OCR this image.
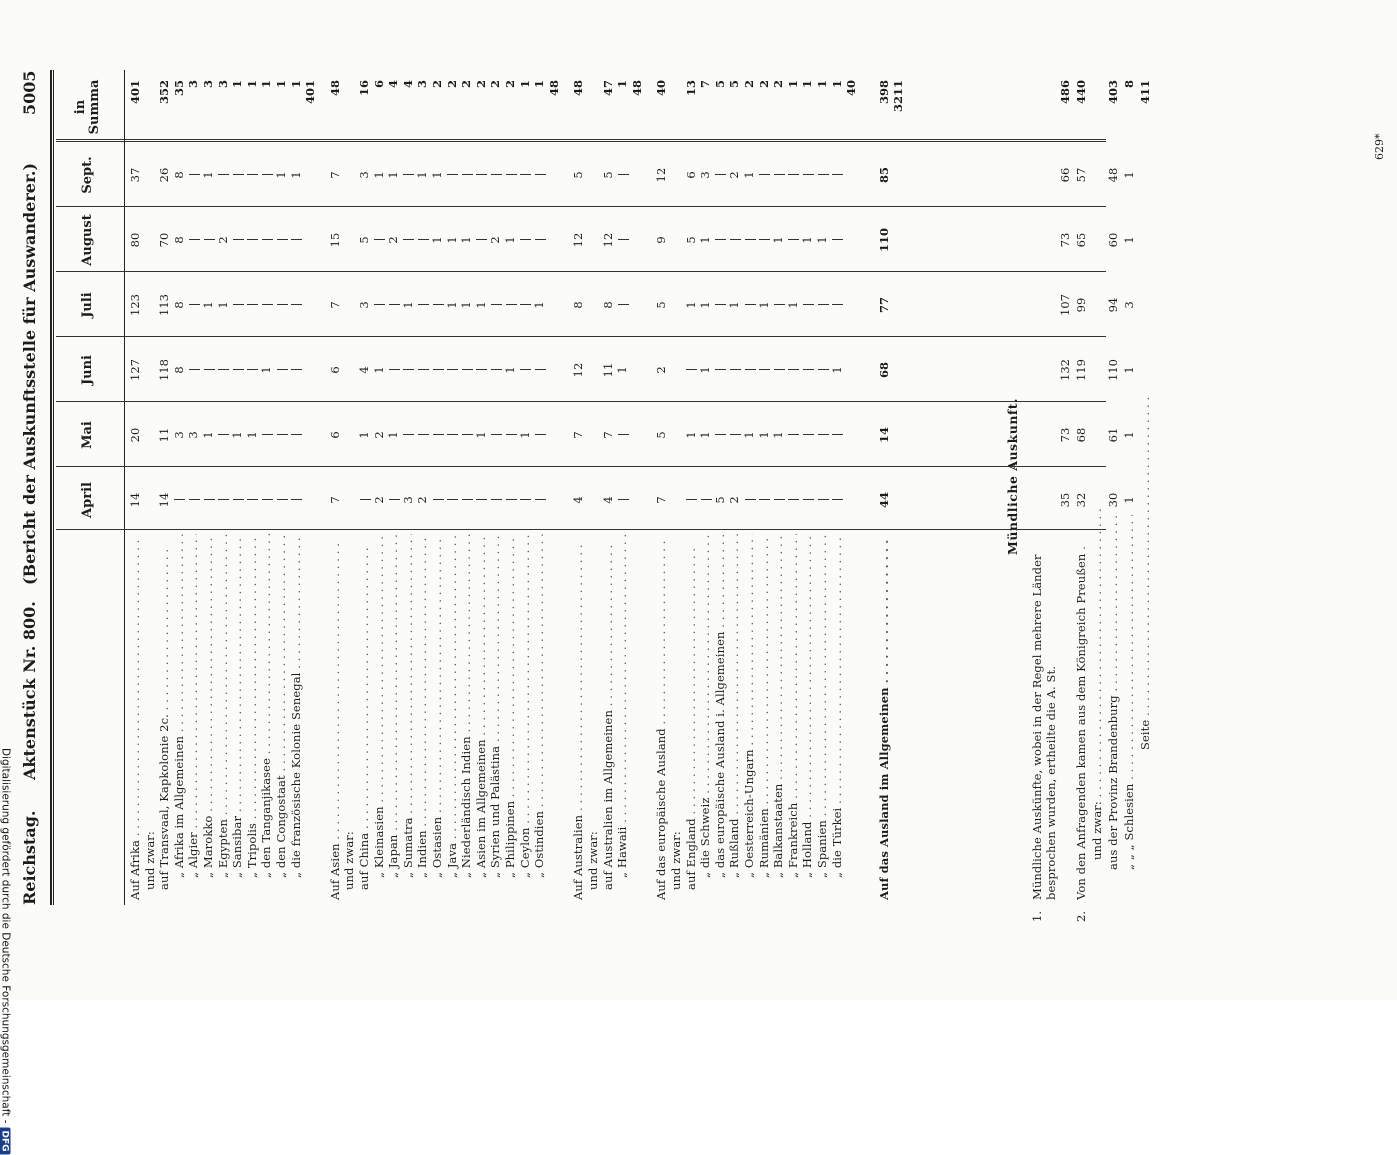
Reichstag.
Aktenstück Nr. 800.
(Bericht der Auskunftsstelle für Auswanderer.)
5005
April
Mai
Juni
Juli
August
Sept.
in Summa
Auf Afrika . . .
14
20
127
123
80
37
401
und zwar: auf Transvaal, Kapkolonie 2c. . . .
14
11
118
113
70
26
352
„ Afrika im Allgemeinen . . .
3
8
8
8
8
35
„ Algier . . .
3
3
„ Marokko . . .
1
1
1
3
„ Egypten . . .
1
2
3
„ Sansibar . . .
1
1
„ Tripolis . . .
1
1
„ den Tanganjikasee . . .
1
1
„ den Congostaat . . .
1
1
„ die französische Kolonie Senegal . . .
1
1 401
Auf Asien . . .
7
6
6
7
15
7
48
und zwar: auf China . . .
1
4
3
5
3
16
„ Kleinasien . . .
2
2
1
1
6
„ Japan . . .
1
2
1
4
„ Sumatra . . .
3
1
4
„ Indien . . .
2
1
3
„ Ostasien . . .
1
1
2
„ Java . . .
1
1
2
„ Niederländisch Indien . . .
1
1
2
„ Asien im Allgemeinen . . .
1
1
2
„ Syrien und Palästina . . .
2
2
„ Philippinen . . .
1
1
2
„ Ceylon . . .
1
1
„ Ostindien . . .
1
1 48
Auf Australien . . .
4
7
12
8
12
5
48
und zwar: auf Australien im Allgemeinen . . .
4
7
11
8
12
5
47
„ Hawaii . . .
1
1 48
Auf das europäische Ausland . . .
7
5
2
5
9
12
40
und zwar: auf England . . .
1
1
5
6
13
„ die Schweiz . . .
1
1
1
1
3
7
„ das europäische Ausland i. Allgemeinen . . .
5
5
„ Rußland . . .
2
1
2
5
„ Oesterreich-Ungarn . . .
1
1
2
„ Rumänien . . .
1
1
2
„ Balkanstaaten . . .
1
1
2
„ Frankreich . . .
1
1
„ Holland . . .
1
1
„ Spanien . . .
1
1
„ die Türkei . . .
1
1 40
Auf das Ausland im Allgemeinen . . .
44
14
68
77
110
85
398 3211
Mündliche Auskunft.
1.
Mündliche Auskünfte, wobei in der Regel mehrere Länder besprochen wurden, ertheilte die A. St.
35
73
132
107
73
66
486
2.
Von den Anfragenden kamen aus dem Königreich Preußen . . .
32
68
119
99
65
57
440
und zwar: . . . aus der Provinz Brandenburg . . .
30
61
110
94
60
48
403
„ „ „ Schlesien . . .
1
1
1
3
1
1
8
Seite . . .
411
629*
Digitalisierung gefördert durch die Deutsche Forschungsgemeinschaft -DFG
